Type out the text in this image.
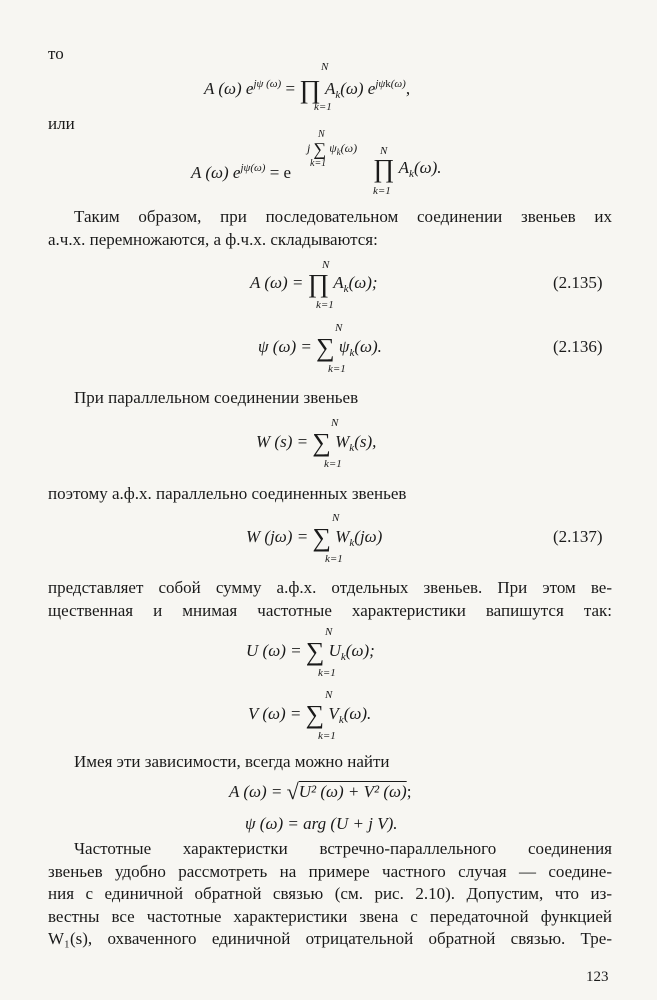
то
A (ω) $e^{j\psi (\omega)}$ = ∏ $A_k(\omega)$ $e^{j\psi k(\omega)}$,
N
k=1
или
A (ω) $e^{j\psi(\omega)} = e$
j ∑ $\psi_k(\omega)$
N
k=1 ∏ $A_k(\omega)$.
N
k=1
Таким образом, при последовательном соединении звеньев их
а.ч.х. перемножаются, а ф.ч.х. складываются:
A (ω) = ∏ $A_k(\omega)$;
N
k=1
(2.135)
ψ (ω) = ∑ $\psi_k(\omega)$.
N
k=1
(2.136)
При параллельном соединении звеньев
W (s) = ∑ $W_k(s)$,
N
k=1
поэтому а.ф.х. параллельно соединенных звеньев
W (jω) = ∑ $W_k(j\omega)$
N
k=1
(2.137)
представляет собой сумму а.ф.х. отдельных звеньев. При этом ве-
щественная и мнимая частотные характеристики вапишутся так:
U (ω) = ∑ $U_k(\omega)$;
N
k=1
V (ω) = ∑ $V_k(\omega)$.
N
k=1
Имея эти зависимости, всегда можно найти
A (ω) = √U² (ω) + V² (ω);
ψ (ω) = arg (U + j V).
Частотные характеристки встречно-параллельного соединения
звеньев удобно рассмотреть на примере частного случая — соедине-
ния с единичной обратной связью (см. рис. 2.10). Допустим, что из-
вестны все частотные характеристики звена с передаточной функцией
W₁(s), охваченного единичной отрицательной обратной связью. Тре-
123
